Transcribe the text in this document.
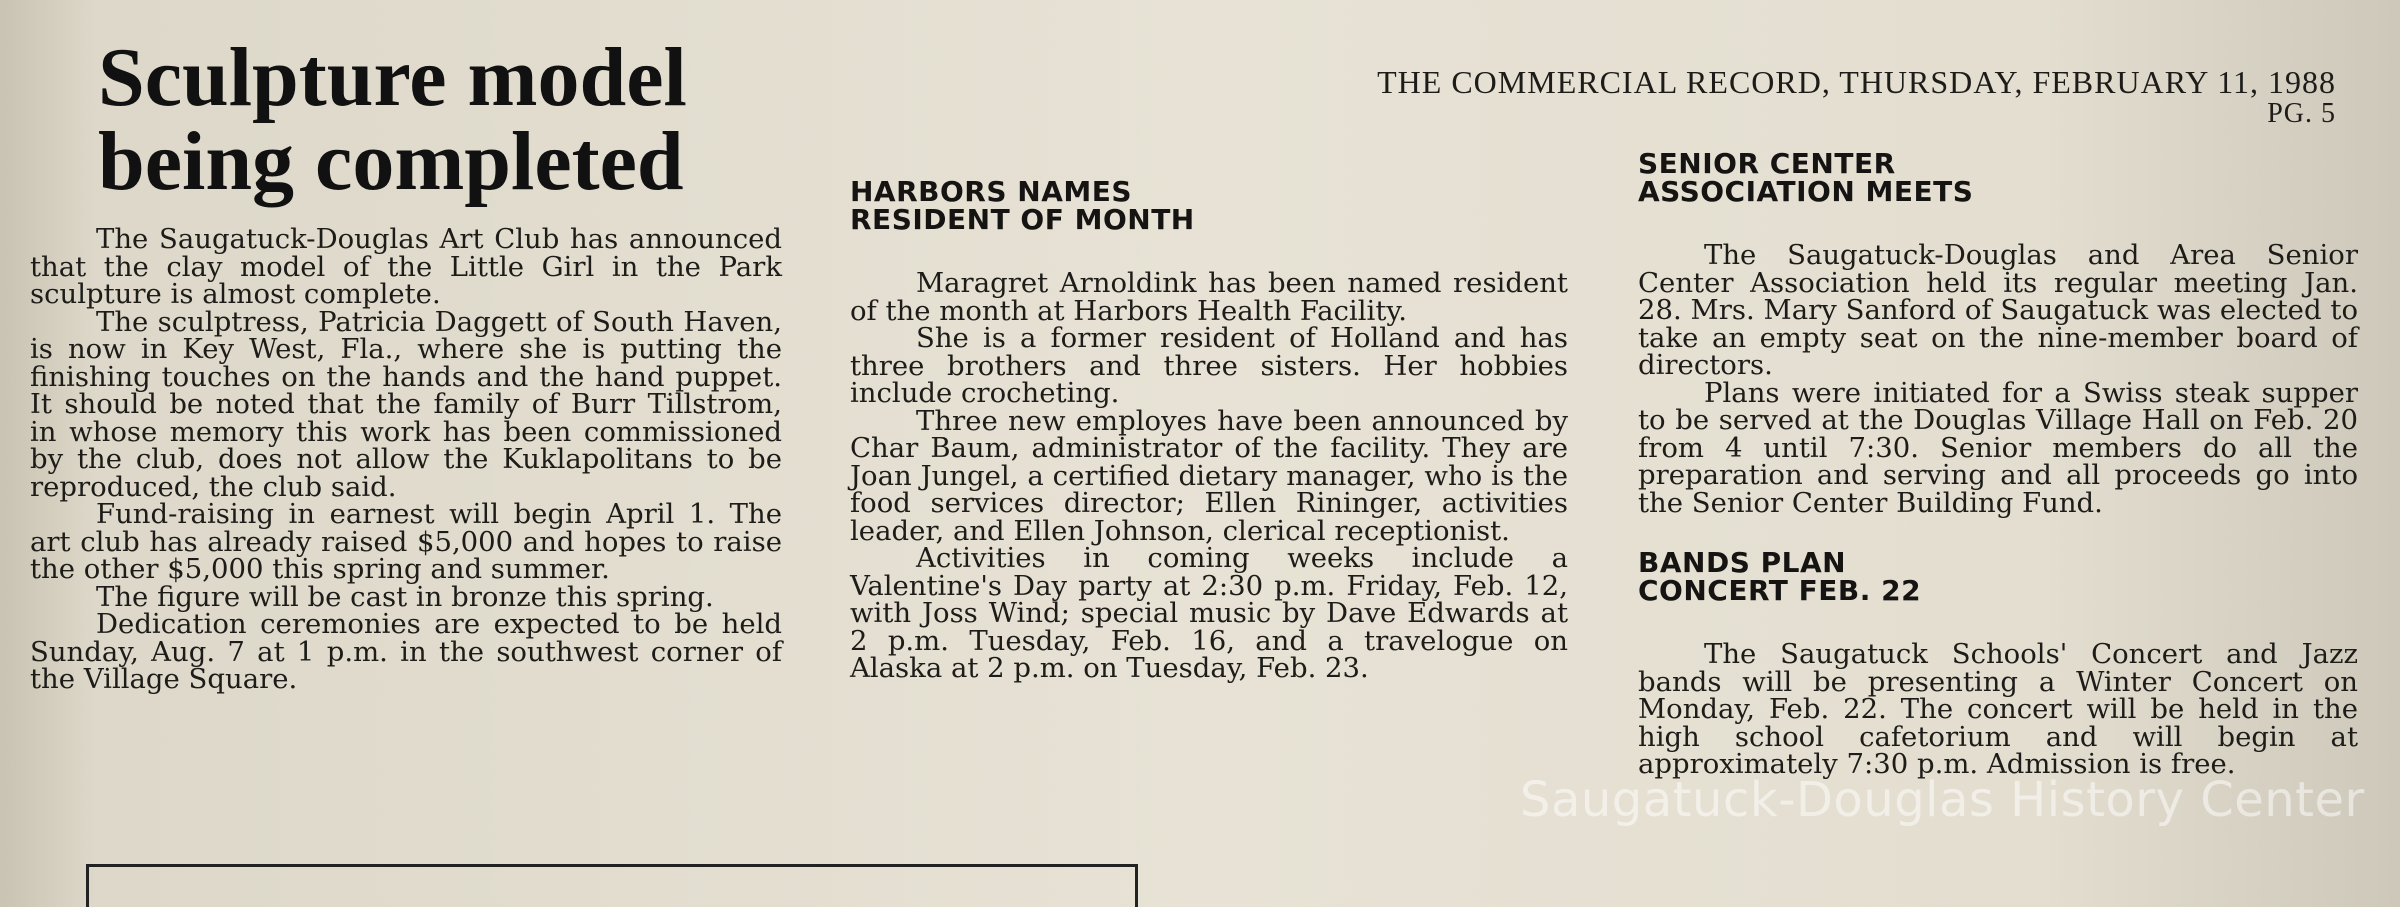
Sculpture model
being completed
THE COMMERCIAL RECORD, THURSDAY, FEBRUARY 11, 1988
PG. 5

The Saugatuck-Douglas Art Club has announced that the clay model of the Little Girl in the Park sculpture is almost complete.

The sculptress, Patricia Daggett of South Haven, is now in Key West, Fla., where she is putting the finishing touches on the hands and the hand puppet. It should be noted that the family of Burr Tillstrom, in whose memory this work has been commissioned by the club, does not allow the Kuklapolitans to be reproduced, the club said.

Fund-raising in earnest will begin April 1. The art club has already raised $5,000 and hopes to raise the other $5,000 this spring and summer.

The figure will be cast in bronze this spring.

Dedication ceremonies are expected to be held Sunday, Aug. 7 at 1 p.m. in the southwest corner of the Village Square.

HARBORS NAMES
RESIDENT OF MONTH

Maragret Arnoldink has been named resident of the month at Harbors Health Facility.

She is a former resident of Holland and has three brothers and three sisters. Her hobbies include crocheting.

Three new employes have been announced by Char Baum, administrator of the facility. They are Joan Jungel, a certified dietary manager, who is the food services director; Ellen Rininger, activities leader, and Ellen Johnson, clerical receptionist.

Activities in coming weeks include a Valentine's Day party at 2:30 p.m. Friday, Feb. 12, with Joss Wind; special music by Dave Edwards at 2 p.m. Tuesday, Feb. 16, and a travelogue on Alaska at 2 p.m. on Tuesday, Feb. 23.

SENIOR CENTER
ASSOCIATION MEETS

The Saugatuck-Douglas and Area Senior Center Association held its regular meeting Jan. 28. Mrs. Mary Sanford of Saugatuck was elected to take an empty seat on the nine-member board of directors.

Plans were initiated for a Swiss steak supper to be served at the Douglas Village Hall on Feb. 20 from 4 until 7:30. Senior members do all the preparation and serving and all proceeds go into the Senior Center Building Fund.

BANDS PLAN
CONCERT FEB. 22

The Saugatuck Schools' Concert and Jazz bands will be presenting a Winter Concert on Monday, Feb. 22. The concert will be held in the high school cafetorium and will begin at approximately 7:30 p.m. Admission is free.

Saugatuck-Douglas History Center
